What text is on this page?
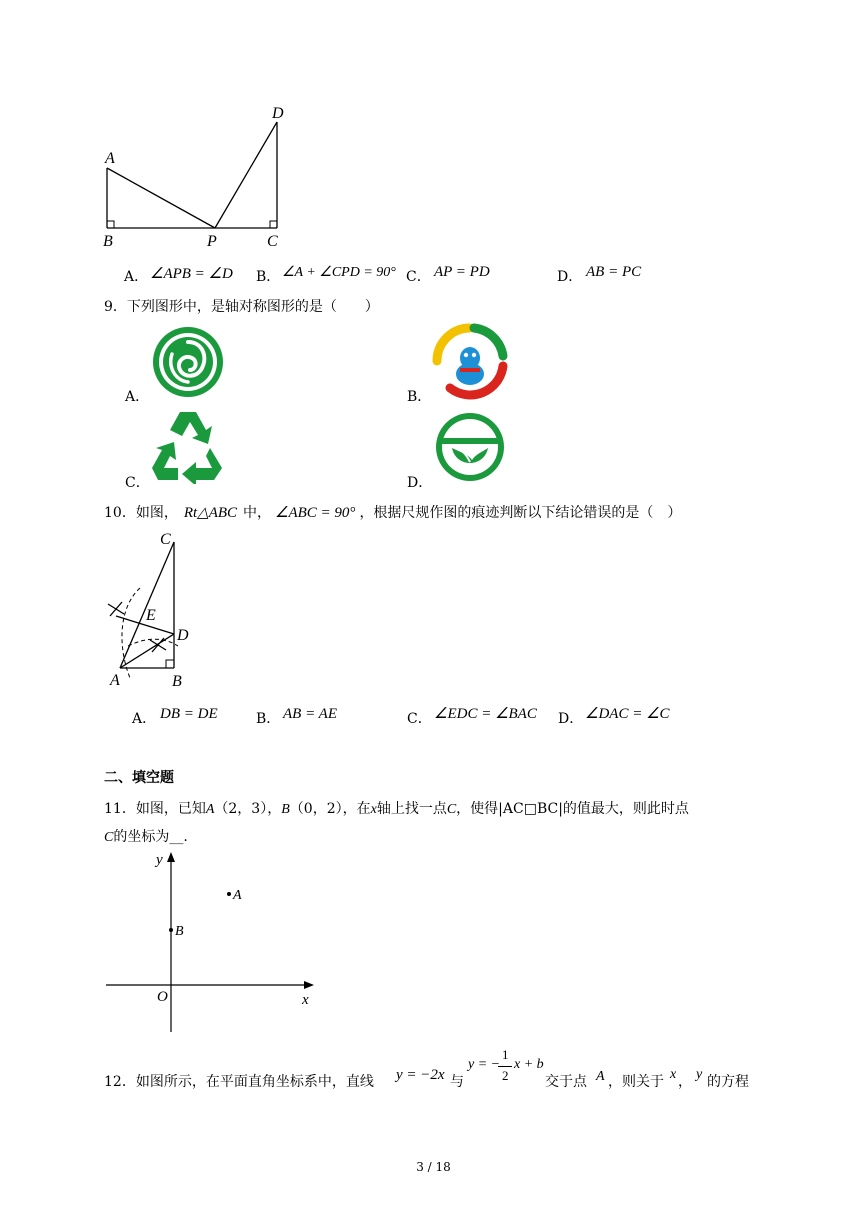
A
B	P	C
D
A． ∠APB = ∠D B． ∠A + ∠CPD = 90° C． AP = PD	D． AB = PC
9．下列图形中，是轴对称图形的是（　　）
A．	B．
C．	D．
10．如图， Rt△ABC 中， ∠ABC = 90° ，根据尺规作图的痕迹判断以下结论错误的是（　）
C
E
D
A	B
A． DB = DE	B． AB = AE	C． ∠EDC = ∠BAC D． ∠DAC = ∠C
二、填空题
11．如图，已知A（2，3），B（0，2），在x轴上找一点C，使得|AC□BC|的值最大，则此时点
C的坐标为__.
y
x
O
A
B
12．如图所示，在平面直角坐标系中，直线 y = −2x 与
y = −
1
2
x + b
交于点 A ，则关于 x ， y 的方程
3 / 18
